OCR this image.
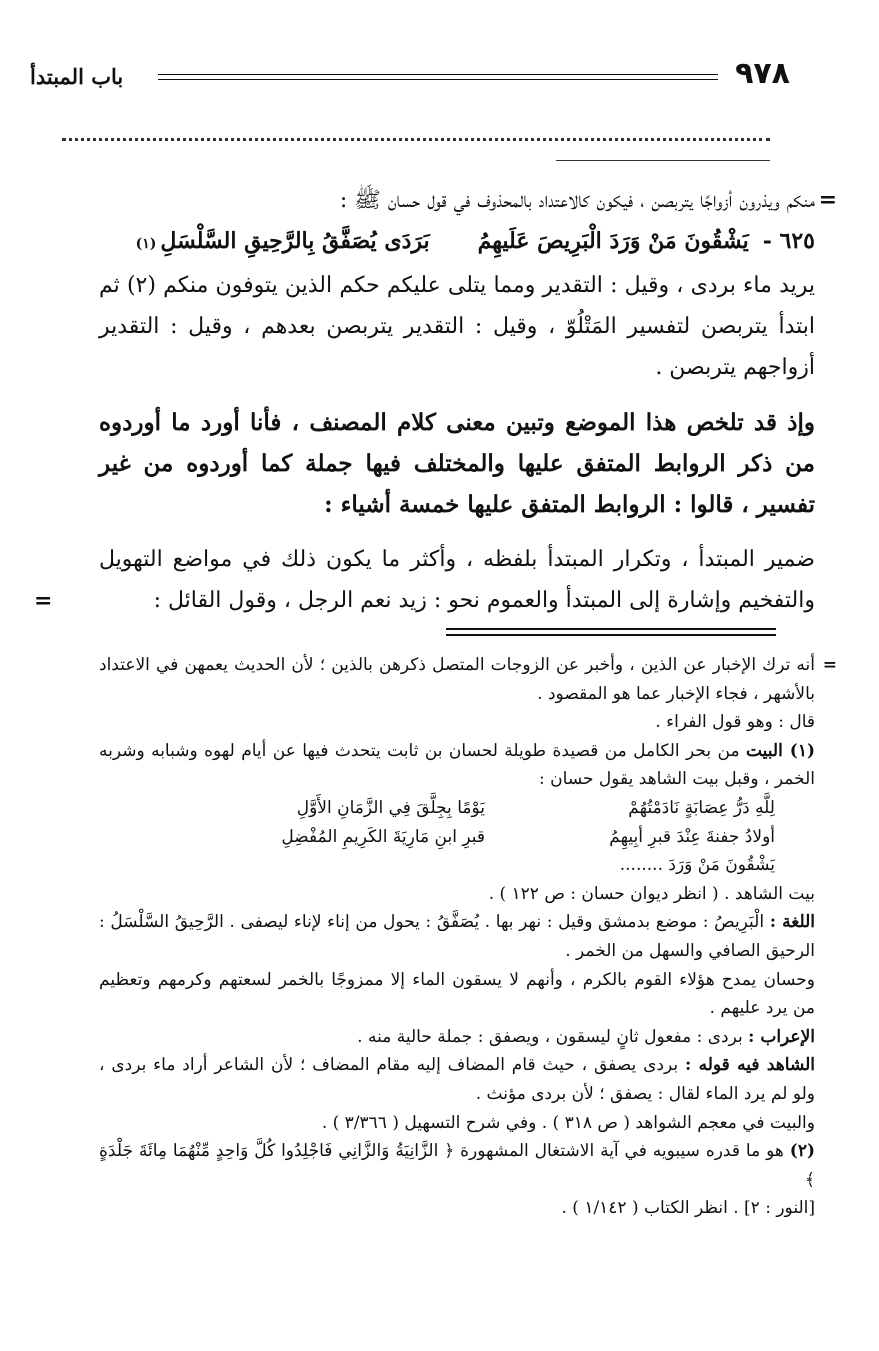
٩٧٨
باب المبتدأ

=
منكم ويذرون أزواجًا يتربصن ، فيكون كالاعتداد بالمحذوف في قول حسان ﷺ :

٦٢٥ -
يَشْقُونَ مَنْ وَرَدَ الْبَرِيصَ عَلَيهِمُ
بَرَدَى يُصَفَّقُ بِالرَّحِيقِ السَّلْسَلِ
(١)

يريد ماء بردى ، وقيل : التقدير ومما يتلى عليكم حكم الذين يتوفون منكم (٢) ثم ابتدأ يتربصن لتفسير المَتْلُوّ ، وقيل : التقدير يتربصن بعدهم ، وقيل : التقدير أزواجهم يتربصن .

وإذ قد تلخص هذا الموضع وتبين معنى كلام المصنف ، فأنا أورد ما أوردوه من ذكر الروابط المتفق عليها والمختلف فيها جملة كما أوردوه من غير تفسير ، قالوا : الروابط المتفق عليها خمسة أشياء :

ضمير المبتدأ ، وتكرار المبتدأ بلفظه ، وأكثر ما يكون ذلك في مواضع التهويل والتفخيم وإشارة إلى المبتدأ والعموم نحو : زيد نعم الرجل ، وقول القائل :

=

=
أنه ترك الإخبار عن الذين ، وأخبر عن الزوجات المتصل ذكرهن بالذين ؛ لأن الحديث يعمهن في الاعتداد بالأشهر ، فجاء الإخبار عما هو المقصود .

قال : وهو قول الفراء .

(١) البيت من بحر الكامل من قصيدة طويلة لحسان بن ثابت يتحدث فيها عن أيام لهوه وشبابه وشربه الخمر ، وقبل بيت الشاهد يقول حسان :

لِلَّهِ دَرُّ عِصَابَةٍ نَادَمْتُهُمْ
يَوْمًا بِجِلَّقَ فِي الزَّمَانِ الأَوَّلِ
أولادُ جفنةَ عِنْدَ قبرِ أبِيهِمُ
قبرِ ابنِ مَارِيَةَ الكَرِيمِ المُفْضِلِ
يَشْقُونَ مَنْ وَرَدَ ........

بيت الشاهد . ( انظر ديوان حسان : ص ١٢٢ ) .

اللغة : الْبَرِيصُ : موضع بدمشق وقيل : نهر بها . يُصَفَّقُ : يحول من إناء لإناء ليصفى . الرَّحِيقُ السَّلْسَلُ : الرحيق الصافي والسهل من الخمر .

وحسان يمدح هؤلاء القوم بالكرم ، وأنهم لا يسقون الماء إلا ممزوجًا بالخمر لسعتهم وكرمهم وتعظيم من يرد عليهم .

الإعراب : بردى : مفعول ثانٍ ليسقون ، ويصفق : جملة حالية منه .

الشاهد فيه قوله : بردى يصفق ، حيث قام المضاف إليه مقام المضاف ؛ لأن الشاعر أراد ماء بردى ، ولو لم يرد الماء لقال : يصفق ؛ لأن بردى مؤنث .

والبيت في معجم الشواهد ( ص ٣١٨ ) . وفي شرح التسهيل ( ٣/٣٦٦ ) .

(٢) هو ما قدره سيبويه في آية الاشتغال المشهورة ﴿ الزَّانِيَةُ وَالزَّانِي فَاجْلِدُوا كُلَّ وَاحِدٍ مِّنْهُمَا مِائَةَ جَلْدَةٍ ﴾

[النور : ٢] . انظر الكتاب ( ١/١٤٢ ) .
